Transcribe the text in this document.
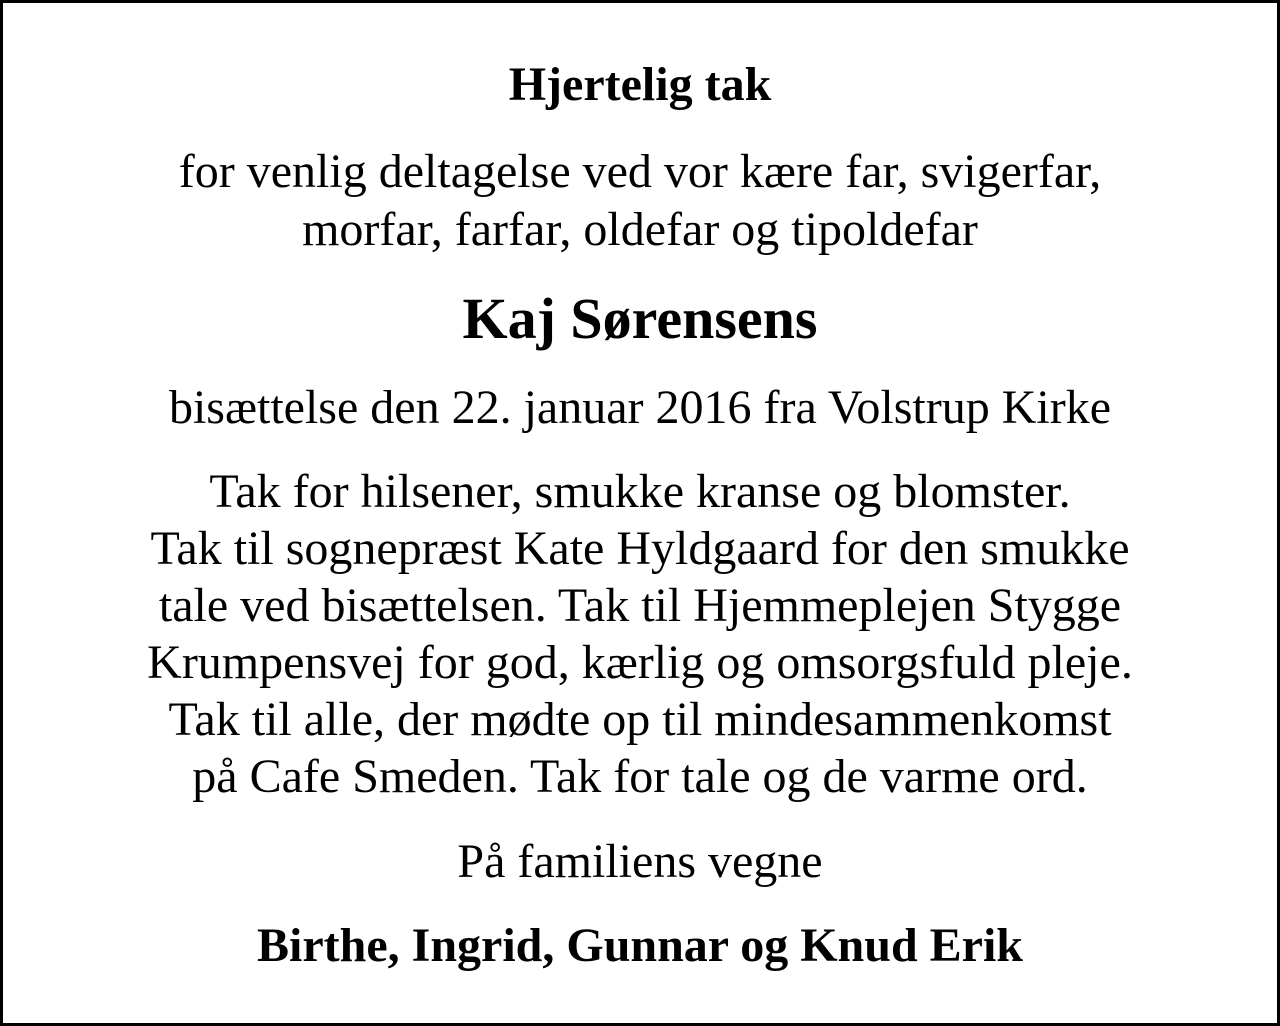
Hjertelig tak

for venlig deltagelse ved vor kære far, svigerfar,
morfar, farfar, oldefar og tipoldefar

Kaj Sørensens

bisættelse den 22. januar 2016 fra Volstrup Kirke

Tak for hilsener, smukke kranse og blomster.
Tak til sognepræst Kate Hyldgaard for den smukke
tale ved bisættelsen. Tak til Hjemmeplejen Stygge
Krumpensvej for god, kærlig og omsorgsfuld pleje.
Tak til alle, der mødte op til mindesammenkomst
på Cafe Smeden. Tak for tale og de varme ord.

På familiens vegne

Birthe, Ingrid, Gunnar og Knud Erik
